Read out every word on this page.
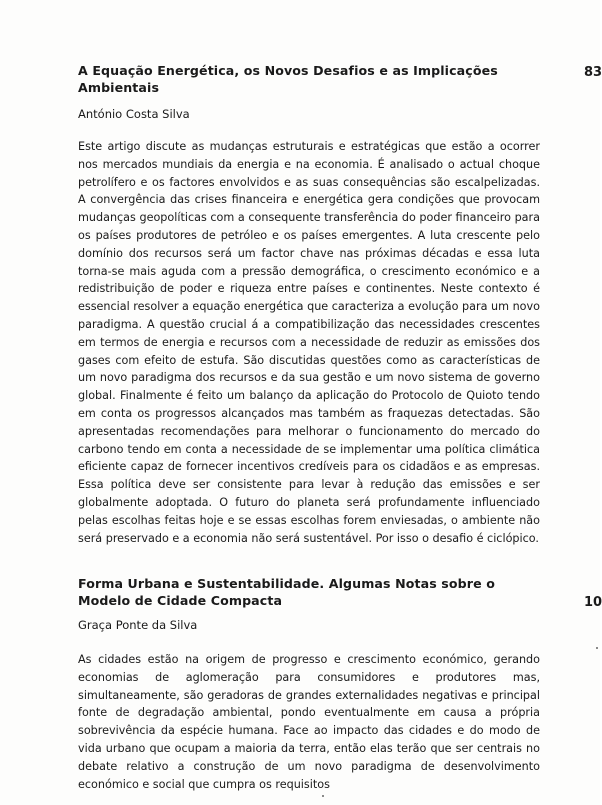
A Equação Energética, os Novos Desafios e as Implicações Ambientais

António Costa Silva

Este artigo discute as mudanças estruturais e estratégicas que estão a ocorrer nos mercados mundiais da energia e na economia. É analisado o actual choque petrolífero e os factores envolvidos e as suas consequências são escalpelizadas. A convergência das crises financeira e energética gera condições que provocam mudanças geopolíticas com a consequente transferência do poder financeiro para os países produtores de petróleo e os países emergentes. A luta crescente pelo domínio dos recursos será um factor chave nas próximas décadas e essa luta torna-se mais aguda com a pressão demográfica, o crescimento económico e a redistribuição de poder e riqueza entre países e continentes. Neste contexto é essencial resolver a equação energética que caracteriza a evolução para um novo paradigma. A questão crucial á a compatibilização das necessidades crescentes em termos de energia e recursos com a necessidade de reduzir as emissões dos gases com efeito de estufa. São discutidas questões como as características de um novo paradigma dos recursos e da sua gestão e um novo sistema de governo global. Finalmente é feito um balanço da aplicação do Protocolo de Quioto tendo em conta os progressos alcançados mas também as fraquezas detectadas. São apresentadas recomendações para melhorar o funcionamento do mercado do carbono tendo em conta a necessidade de se implementar uma política climática eficiente capaz de fornecer incentivos credíveis para os cidadãos e as empresas. Essa política deve ser consistente para levar à redução das emissões e ser globalmente adoptada. O futuro do planeta será profundamente influenciado pelas escolhas feitas hoje e se essas escolhas forem enviesadas, o ambiente não será preservado e a economia não será sustentável. Por isso o desafio é ciclópico.

83
Forma Urbana e Sustentabilidade. Algumas Notas sobre o Modelo de Cidade Compacta

Graça Ponte da Silva

As cidades estão na origem de progresso e crescimento económico, gerando economias de aglomeração para consumidores e produtores mas, simultaneamente, são geradoras de grandes externalidades negativas e principal fonte de degradação ambiental, pondo eventualmente em causa a própria sobrevivência da espécie humana. Face ao impacto das cidades e do modo de vida urbano que ocupam a maioria da terra, então elas terão que ser centrais no debate relativo a construção de um novo paradigma de desenvolvimento económico e social que cumpra os requisitos

10
